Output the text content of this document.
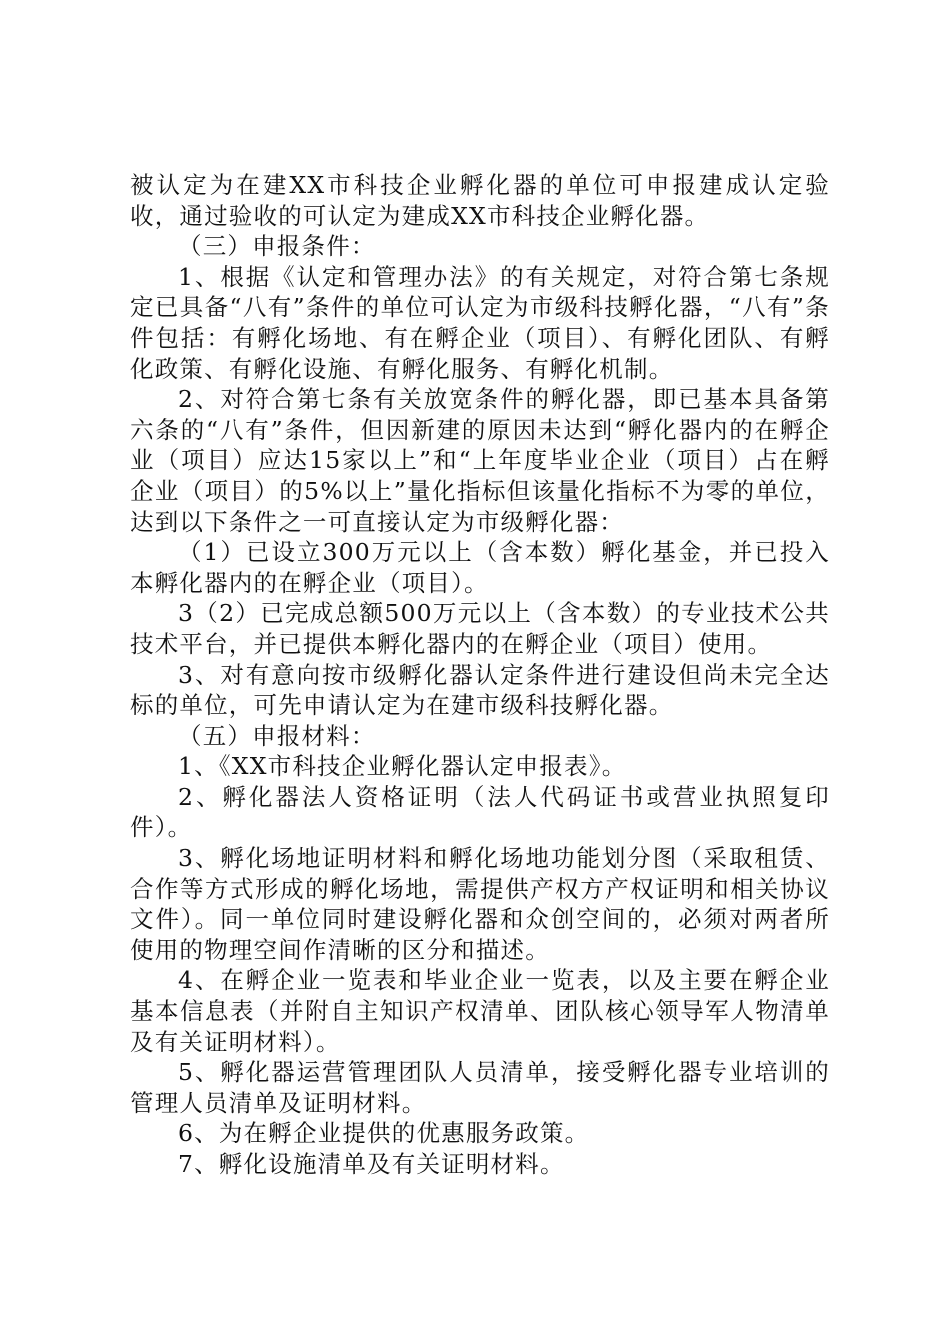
被认定为在建XX市科技企业孵化器的单位可申报建成认定验收，通过验收的可认定为建成XX市科技企业孵化器。

（三）申报条件：

1、根据《认定和管理办法》的有关规定，对符合第七条规定已具备“八有”条件的单位可认定为市级科技孵化器，“八有”条件包括：有孵化场地、有在孵企业（项目）、有孵化团队、有孵化政策、有孵化设施、有孵化服务、有孵化机制。

2、对符合第七条有关放宽条件的孵化器，即已基本具备第六条的“八有”条件，但因新建的原因未达到“孵化器内的在孵企业（项目）应达15家以上”和“上年度毕业企业（项目）占在孵企业（项目）的5%以上”量化指标但该量化指标不为零的单位，达到以下条件之一可直接认定为市级孵化器：

（1）已设立300万元以上（含本数）孵化基金，并已投入本孵化器内的在孵企业（项目）。

3（2）已完成总额500万元以上（含本数）的专业技术公共技术平台，并已提供本孵化器内的在孵企业（项目）使用。

3、对有意向按市级孵化器认定条件进行建设但尚未完全达标的单位，可先申请认定为在建市级科技孵化器。

（五）申报材料：

1、《XX市科技企业孵化器认定申报表》。

2、孵化器法人资格证明（法人代码证书或营业执照复印件）。

3、孵化场地证明材料和孵化场地功能划分图（采取租赁、合作等方式形成的孵化场地，需提供产权方产权证明和相关协议文件）。同一单位同时建设孵化器和众创空间的，必须对两者所使用的物理空间作清晰的区分和描述。

4、在孵企业一览表和毕业企业一览表，以及主要在孵企业基本信息表（并附自主知识产权清单、团队核心领导军人物清单及有关证明材料）。

5、孵化器运营管理团队人员清单，接受孵化器专业培训的管理人员清单及证明材料。

6、为在孵企业提供的优惠服务政策。

7、孵化设施清单及有关证明材料。
